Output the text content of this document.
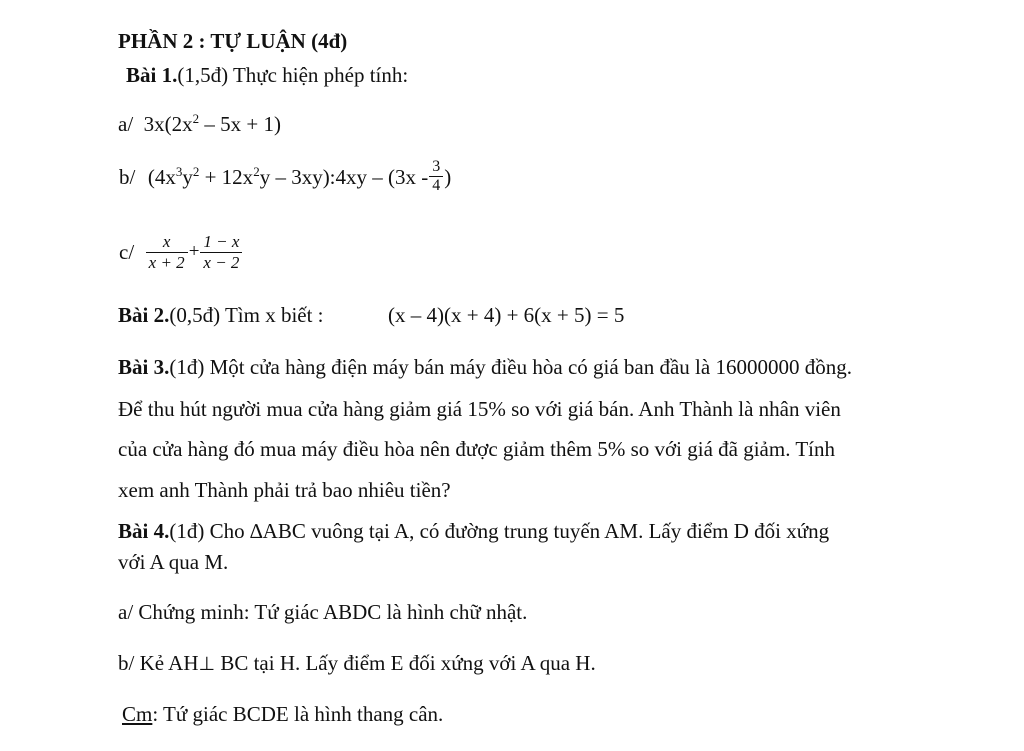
PHẦN 2 : TỰ LUẬN (4đ)
Bài 1.(1,5đ) Thực hiện phép tính:
a/ $3x(2x^2 - 5x + 1)$
b/ ($4x^3y^2 + 12x^2y$ – 3xy):4xy – ($3x - \frac{3}{4}$ )
$c/ \frac{x}{x + 2} + \frac{1 - x}{x - 2}$
Bài 2.(0,5đ) Tìm x biết :	(x – 4)(x + 4) + 6(x + 5) = 5
Bài 3.(1đ) Một cửa hàng điện máy bán máy điều hòa có giá ban đầu là 16000000 đồng.
Để thu hút người mua cửa hàng giảm giá 15% so với giá bán. Anh Thành là nhân viên
của cửa hàng đó mua máy điều hòa nên được giảm thêm 5% so với giá đã giảm. Tính
xem anh Thành phải trả bao nhiêu tiền?
Bài 4.(1đ) Cho ∆ABC vuông tại A, có đường trung tuyến AM. Lấy điểm D đối xứng
với A qua M.
a/ Chứng minh: Tứ giác ABDC là hình chữ nhật.
b/ Kẻ AH⊥ BC tại H. Lấy điểm E đối xứng với A qua H.
Cm: Tứ giác BCDE là hình thang cân.
